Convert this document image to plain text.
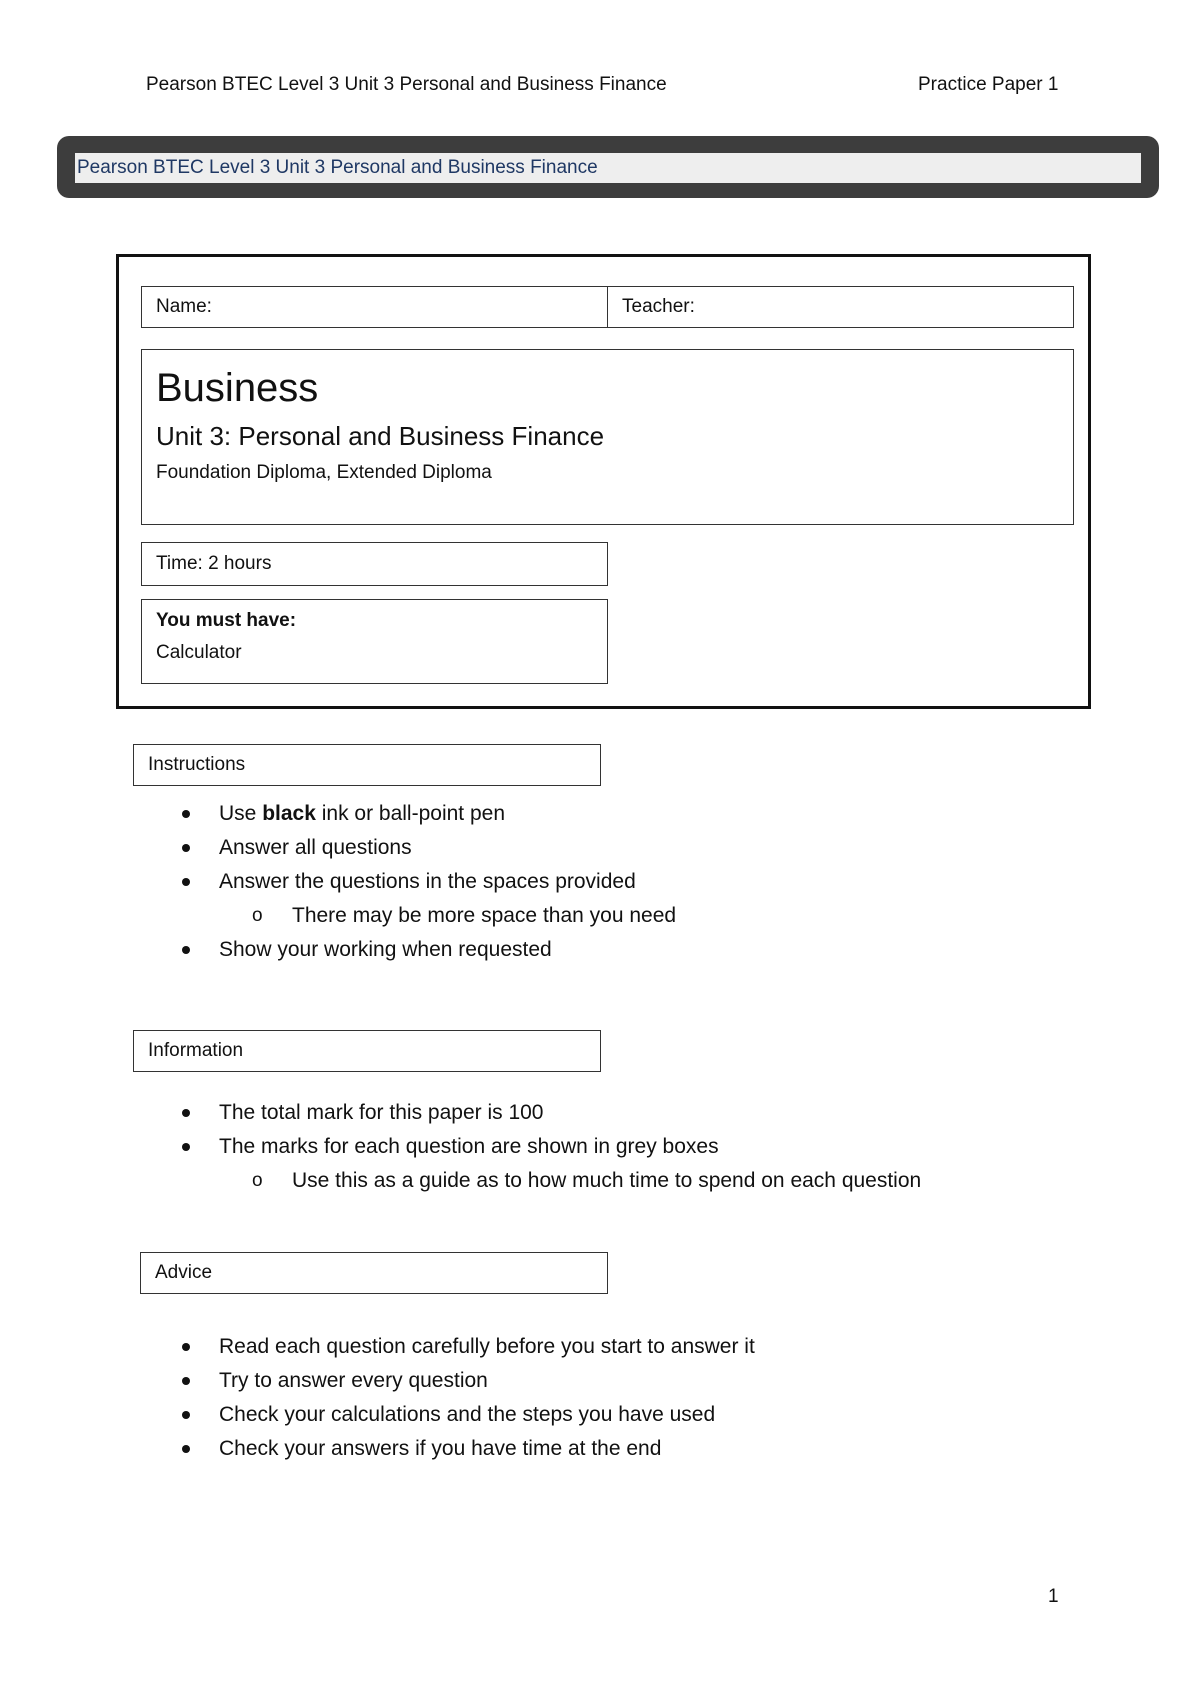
Pearson BTEC Level 3 Unit 3 Personal and Business Finance	Practice Paper 1
Pearson BTEC Level 3 Unit 3 Personal and Business Finance
Name:	Teacher:
Business
Unit 3: Personal and Business Finance
Foundation Diploma, Extended Diploma
Time: 2 hours
You must have:
Calculator
Instructions
Use black ink or ball-point pen
Answer all questions
Answer the questions in the spaces provided
o There may be more space than you need
Show your working when requested
Information
The total mark for this paper is 100
The marks for each question are shown in grey boxes
o Use this as a guide as to how much time to spend on each question
Advice
Read each question carefully before you start to answer it
Try to answer every question
Check your calculations and the steps you have used
Check your answers if you have time at the end
1
